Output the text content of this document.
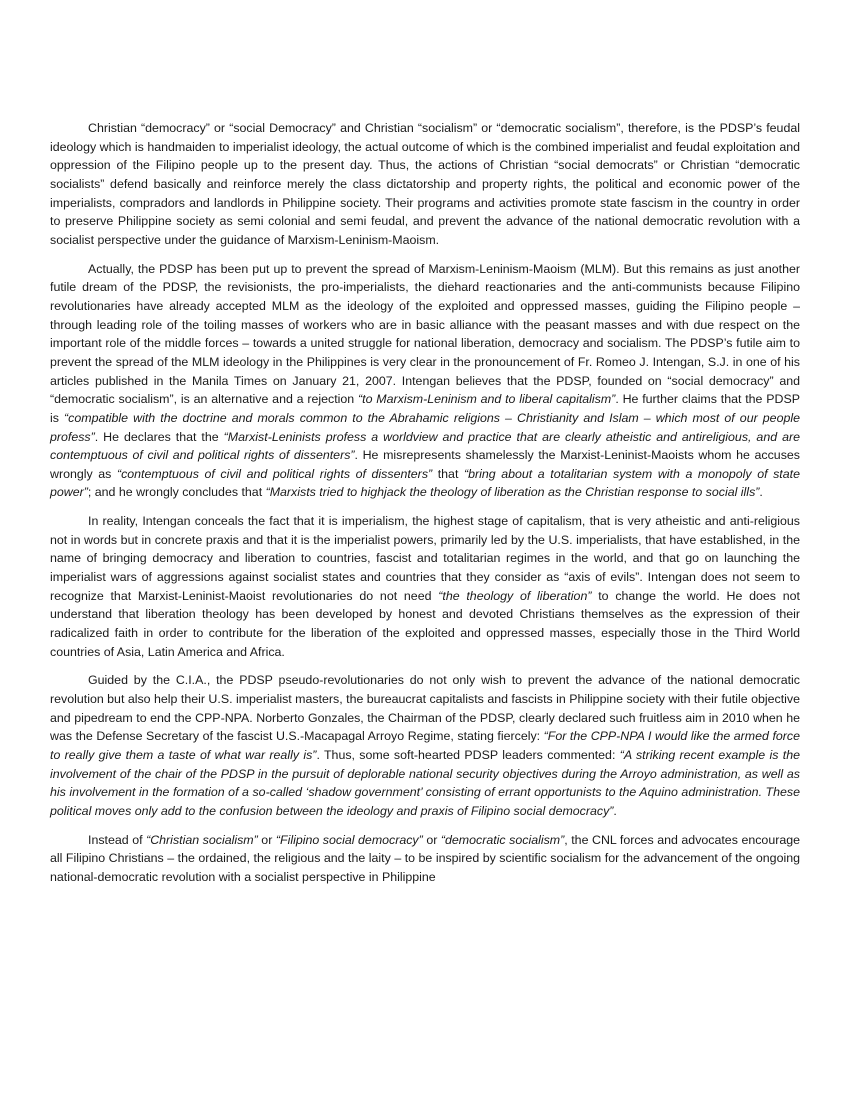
Christian “democracy” or “social Democracy” and Christian “socialism” or “democratic socialism”, therefore, is the PDSP’s feudal ideology which is handmaiden to imperialist ideology, the actual outcome of which is the combined imperialist and feudal exploitation and oppression of the Filipino people up to the present day. Thus, the actions of Christian “social democrats” or Christian “democratic socialists” defend basically and reinforce merely the class dictatorship and property rights, the political and economic power of the imperialists, compradors and landlords in Philippine society. Their programs and activities promote state fascism in the country in order to preserve Philippine society as semi colonial and semi feudal, and prevent the advance of the national democratic revolution with a socialist perspective under the guidance of Marxism-Leninism-Maoism.

Actually, the PDSP has been put up to prevent the spread of Marxism-Leninism-Maoism (MLM). But this remains as just another futile dream of the PDSP, the revisionists, the pro-imperialists, the diehard reactionaries and the anti-communists because Filipino revolutionaries have already accepted MLM as the ideology of the exploited and oppressed masses, guiding the Filipino people – through leading role of the toiling masses of workers who are in basic alliance with the peasant masses and with due respect on the important role of the middle forces – towards a united struggle for national liberation, democracy and socialism. The PDSP’s futile aim to prevent the spread of the MLM ideology in the Philippines is very clear in the pronouncement of Fr. Romeo J. Intengan, S.J. in one of his articles published in the Manila Times on January 21, 2007. Intengan believes that the PDSP, founded on “social democracy” and “democratic socialism”, is an alternative and a rejection “to Marxism-Leninism and to liberal capitalism”. He further claims that the PDSP is “compatible with the doctrine and morals common to the Abrahamic religions – Christianity and Islam – which most of our people profess”. He declares that the “Marxist-Leninists profess a worldview and practice that are clearly atheistic and antireligious, and are contemptuous of civil and political rights of dissenters”. He misrepresents shamelessly the Marxist-Leninist-Maoists whom he accuses wrongly as “contemptuous of civil and political rights of dissenters” that “bring about a totalitarian system with a monopoly of state power”; and he wrongly concludes that “Marxists tried to highjack the theology of liberation as the Christian response to social ills”.

In reality, Intengan conceals the fact that it is imperialism, the highest stage of capitalism, that is very atheistic and anti-religious not in words but in concrete praxis and that it is the imperialist powers, primarily led by the U.S. imperialists, that have established, in the name of bringing democracy and liberation to countries, fascist and totalitarian regimes in the world, and that go on launching the imperialist wars of aggressions against socialist states and countries that they consider as “axis of evils”. Intengan does not seem to recognize that Marxist-Leninist-Maoist revolutionaries do not need “the theology of liberation” to change the world. He does not understand that liberation theology has been developed by honest and devoted Christians themselves as the expression of their radicalized faith in order to contribute for the liberation of the exploited and oppressed masses, especially those in the Third World countries of Asia, Latin America and Africa.

Guided by the C.I.A., the PDSP pseudo-revolutionaries do not only wish to prevent the advance of the national democratic revolution but also help their U.S. imperialist masters, the bureaucrat capitalists and fascists in Philippine society with their futile objective and pipedream to end the CPP-NPA. Norberto Gonzales, the Chairman of the PDSP, clearly declared such fruitless aim in 2010 when he was the Defense Secretary of the fascist U.S.-Macapagal Arroyo Regime, stating fiercely: “For the CPP-NPA I would like the armed force to really give them a taste of what war really is”. Thus, some soft-hearted PDSP leaders commented: “A striking recent example is the involvement of the chair of the PDSP in the pursuit of deplorable national security objectives during the Arroyo administration, as well as his involvement in the formation of a so-called ‘shadow government’ consisting of errant opportunists to the Aquino administration. These political moves only add to the confusion between the ideology and praxis of Filipino social democracy”.

Instead of “Christian socialism” or “Filipino social democracy” or “democratic socialism”, the CNL forces and advocates encourage all Filipino Christians – the ordained, the religious and the laity – to be inspired by scientific socialism for the advancement of the ongoing national-democratic revolution with a socialist perspective in Philippine
